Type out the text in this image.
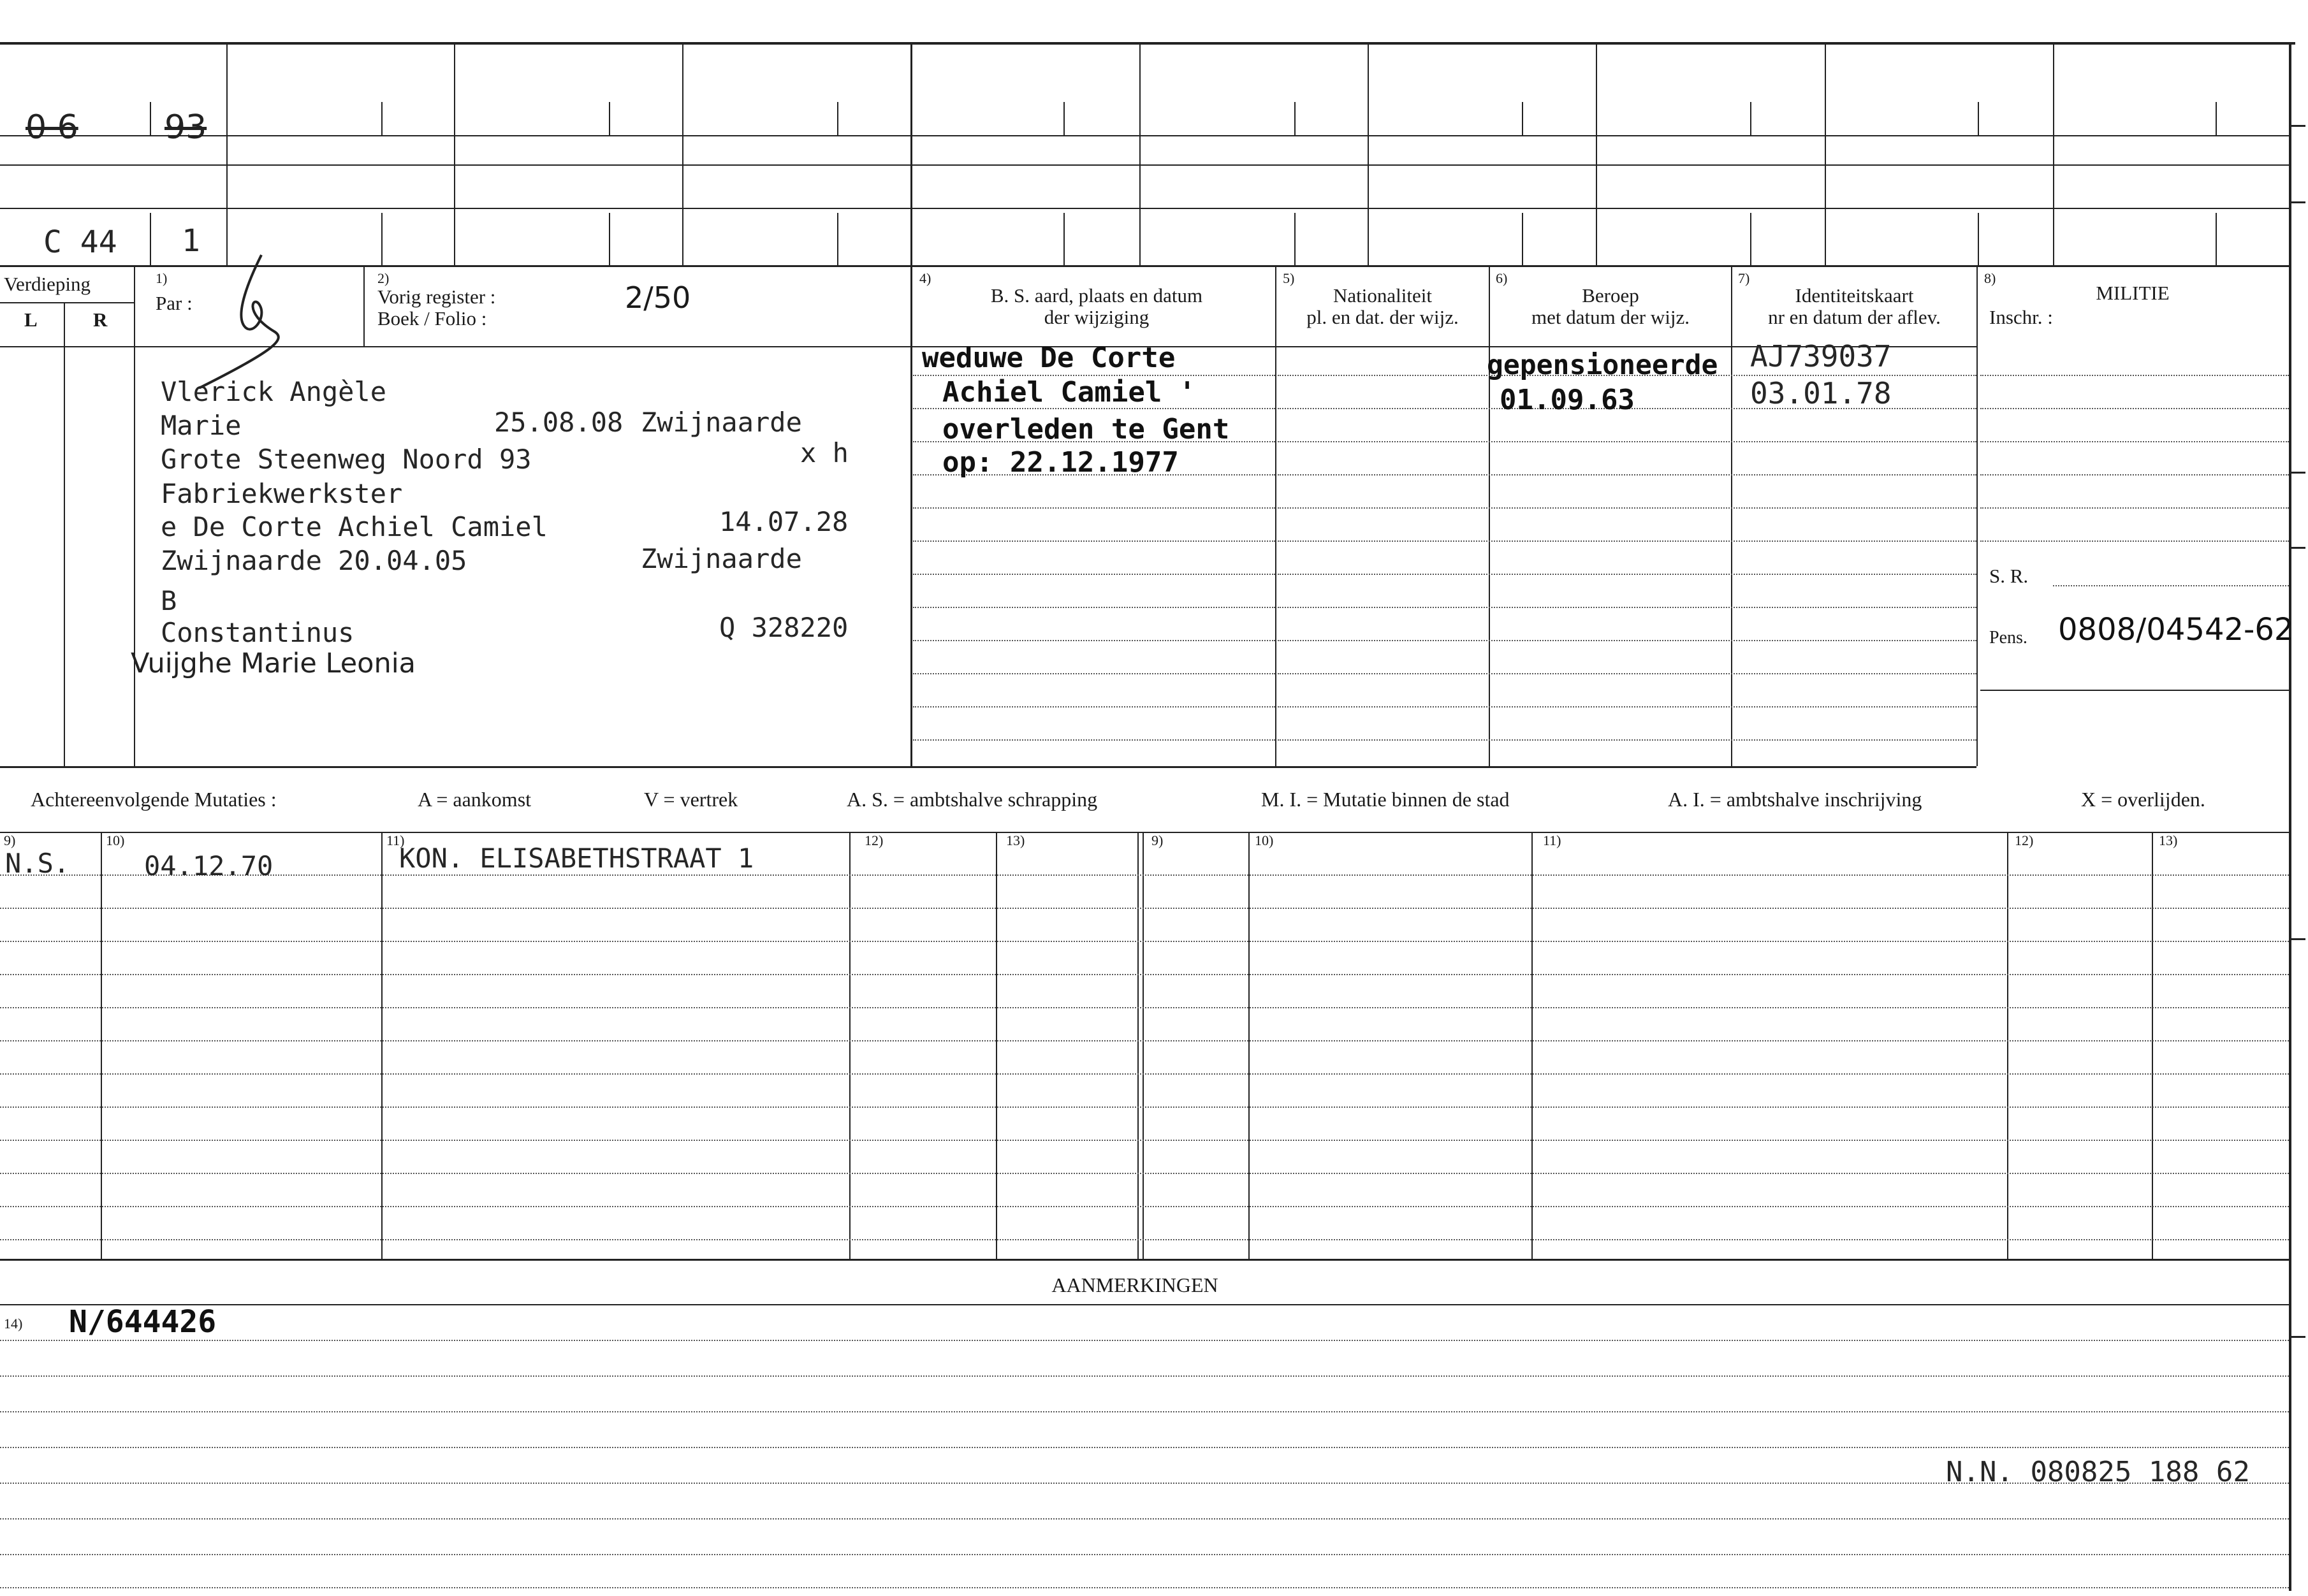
0 6	93
C 44 1
Verdieping
L	R
1)
Par :
2)
Vorig register :
Boek / Folio :
2/50
4)
B. S. aard, plaats en datum
der wijziging
5)
Nationaliteit
pl. en dat. der wijz.
6)
Beroep
met datum der wijz.
7)
Identiteitskaart
nr en datum der aflev.
8)
MILITIE
Inschr. :
Vlerick Angèle
Marie	25.08.08 Zwijnaarde
Grote Steenweg Noord 93	x h
Fabriekwerkster
e De Corte Achiel Camiel	14.07.28
Zwijnaarde 20.04.05	Zwijnaarde
B
Constantinus	Q 328220
Vuijghe Marie Leonia
weduwe De Corte
Achiel Camiel '
overleden te Gent
op: 22.12.1977
gepensioneerde
01.09.63
AJ739037
03.01.78
S. R.
Pens. 0808/04542-62
Achtereenvolgende Mutaties :	A = aankomst	V = vertrek	A. S. = ambtshalve schrapping	M. I. = Mutatie binnen de stad	A. I. = ambtshalve inschrijving	X = overlijden.
9)	10)	11)	12)	13)	9)	10)	11)	12)	13)
N.S.	04.12.70	KON. ELISABETHSTRAAT 1
AANMERKINGEN
14) N/644426
N.N. 080825 188 62
